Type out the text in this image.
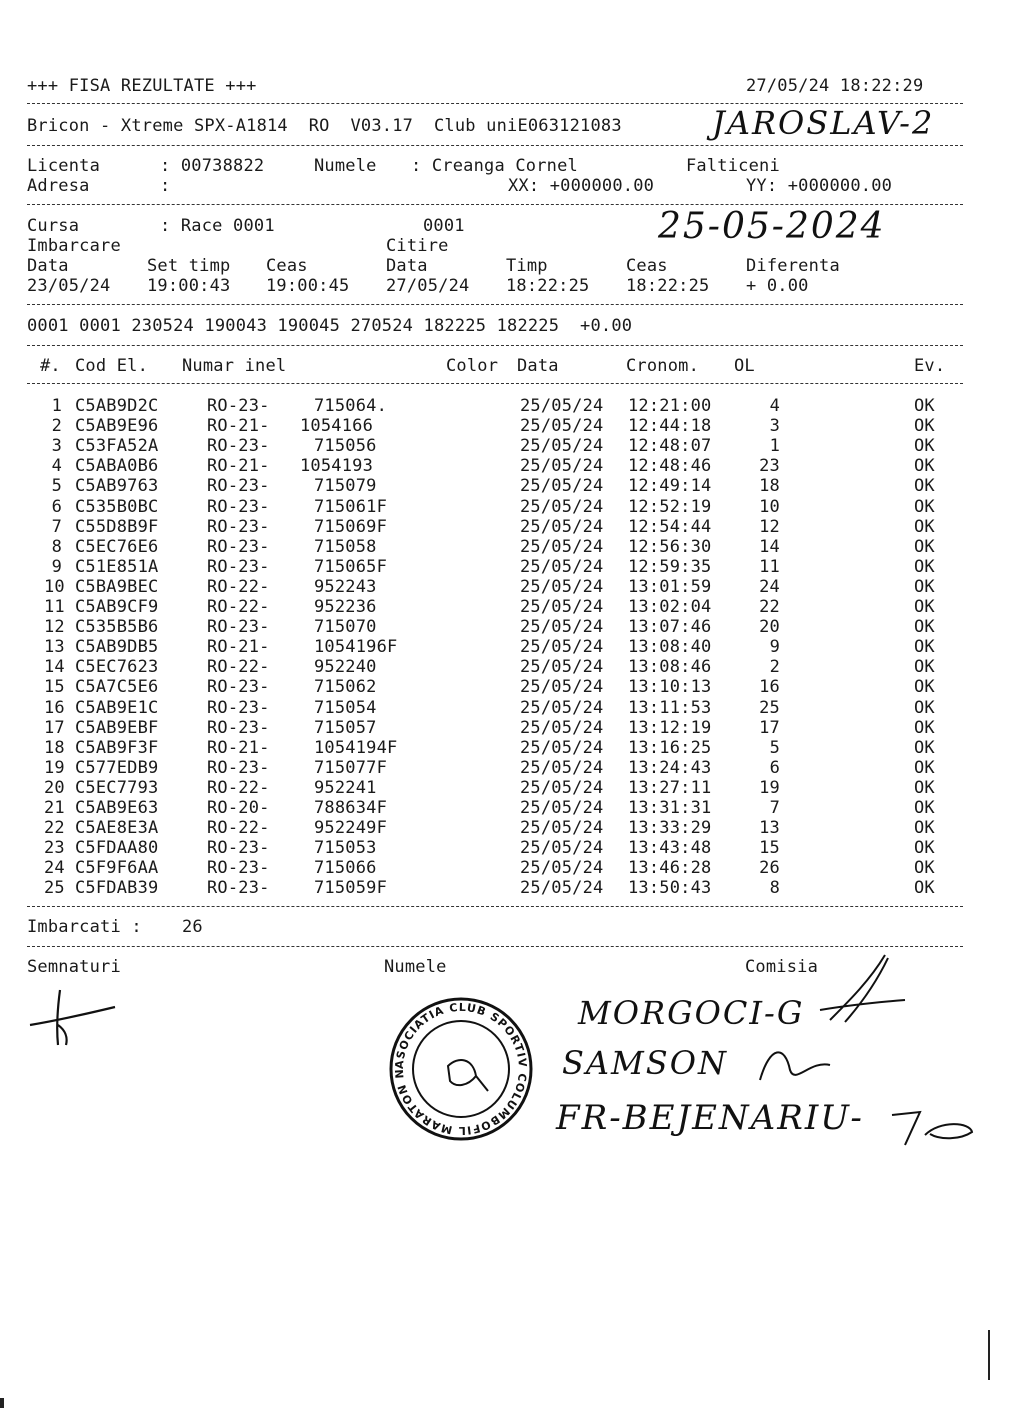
+++ FISA REZULTATE +++	27/05/24 18:22:29
Bricon - Xtreme SPX-A1814  RO  V03.17  Club uniE063121083	JAROSLAV-2
Licenta	: 00738822	Numele : Creanga Cornel	Falticeni
Adresa	:	XX: +000000.00	YY: +000000.00
Cursa	: Race 0001	0001	25-05-2024
Imbarcare	Citire
Data	Set timp Ceas	Data	Timp	Ceas	Diferenta
23/05/24 19:00:43 19:00:45 27/05/24 18:22:25 18:22:25 + 0.00
0001 0001 230524 190043 190045 270524 182225 182225  +0.00
#. Cod El. Numar inel	Color Data	Cronom. OL	Ev.
1 C5AB9D2C	RO-23-	715064.	25/05/24 12:21:00	4	OK
2 C5AB9E96	RO-21- 1054166	25/05/24 12:44:18	3	OK
3 C53FA52A	RO-23-	715056	25/05/24 12:48:07	1	OK
4 C5ABA0B6	RO-21- 1054193	25/05/24 12:48:46	23	OK
5 C5AB9763	RO-23-	715079	25/05/24 12:49:14	18	OK
6 C535B0BC	RO-23-	715061F	25/05/24 12:52:19	10	OK
7 C55D8B9F	RO-23-	715069F	25/05/24 12:54:44	12	OK
8 C5EC76E6	RO-23-	715058	25/05/24 12:56:30	14	OK
9 C51E851A	RO-23-	715065F	25/05/24 12:59:35	11	OK
10 C5BA9BEC	RO-22-	952243	25/05/24 13:01:59	24	OK
11 C5AB9CF9	RO-22-	952236	25/05/24 13:02:04	22	OK
12 C535B5B6	RO-23-	715070	25/05/24 13:07:46	20	OK
13 C5AB9DB5	RO-21-	1054196F	25/05/24 13:08:40	9	OK
14 C5EC7623	RO-22-	952240	25/05/24 13:08:46	2	OK
15 C5A7C5E6	RO-23-	715062	25/05/24 13:10:13	16	OK
16 C5AB9E1C	RO-23-	715054	25/05/24 13:11:53	25	OK
17 C5AB9EBF	RO-23-	715057	25/05/24 13:12:19	17	OK
18 C5AB9F3F	RO-21-	1054194F	25/05/24 13:16:25	5	OK
19 C577EDB9	RO-23-	715077F	25/05/24 13:24:43	6	OK
20 C5EC7793	RO-22-	952241	25/05/24 13:27:11	19	OK
21 C5AB9E63	RO-20-	788634F	25/05/24 13:31:31	7	OK
22 C5AE8E3A	RO-22-	952249F	25/05/24 13:33:29	13	OK
23 C5FDAA80	RO-23-	715053	25/05/24 13:43:48	15	OK
24 C5F9F6AA	RO-23-	715066	25/05/24 13:46:28	26	OK
25 C5FDAB39	RO-23-	715059F	25/05/24 13:50:43	8	OK
Imbarcati : 26
Semnaturi	Numele	Comisia
ASOCIATIA CLUB SPORTIV COLUMBOFIL MARATON NORD FALTICENI
MORGOCI-G
SAMSON
FR-BEJENARIU-
